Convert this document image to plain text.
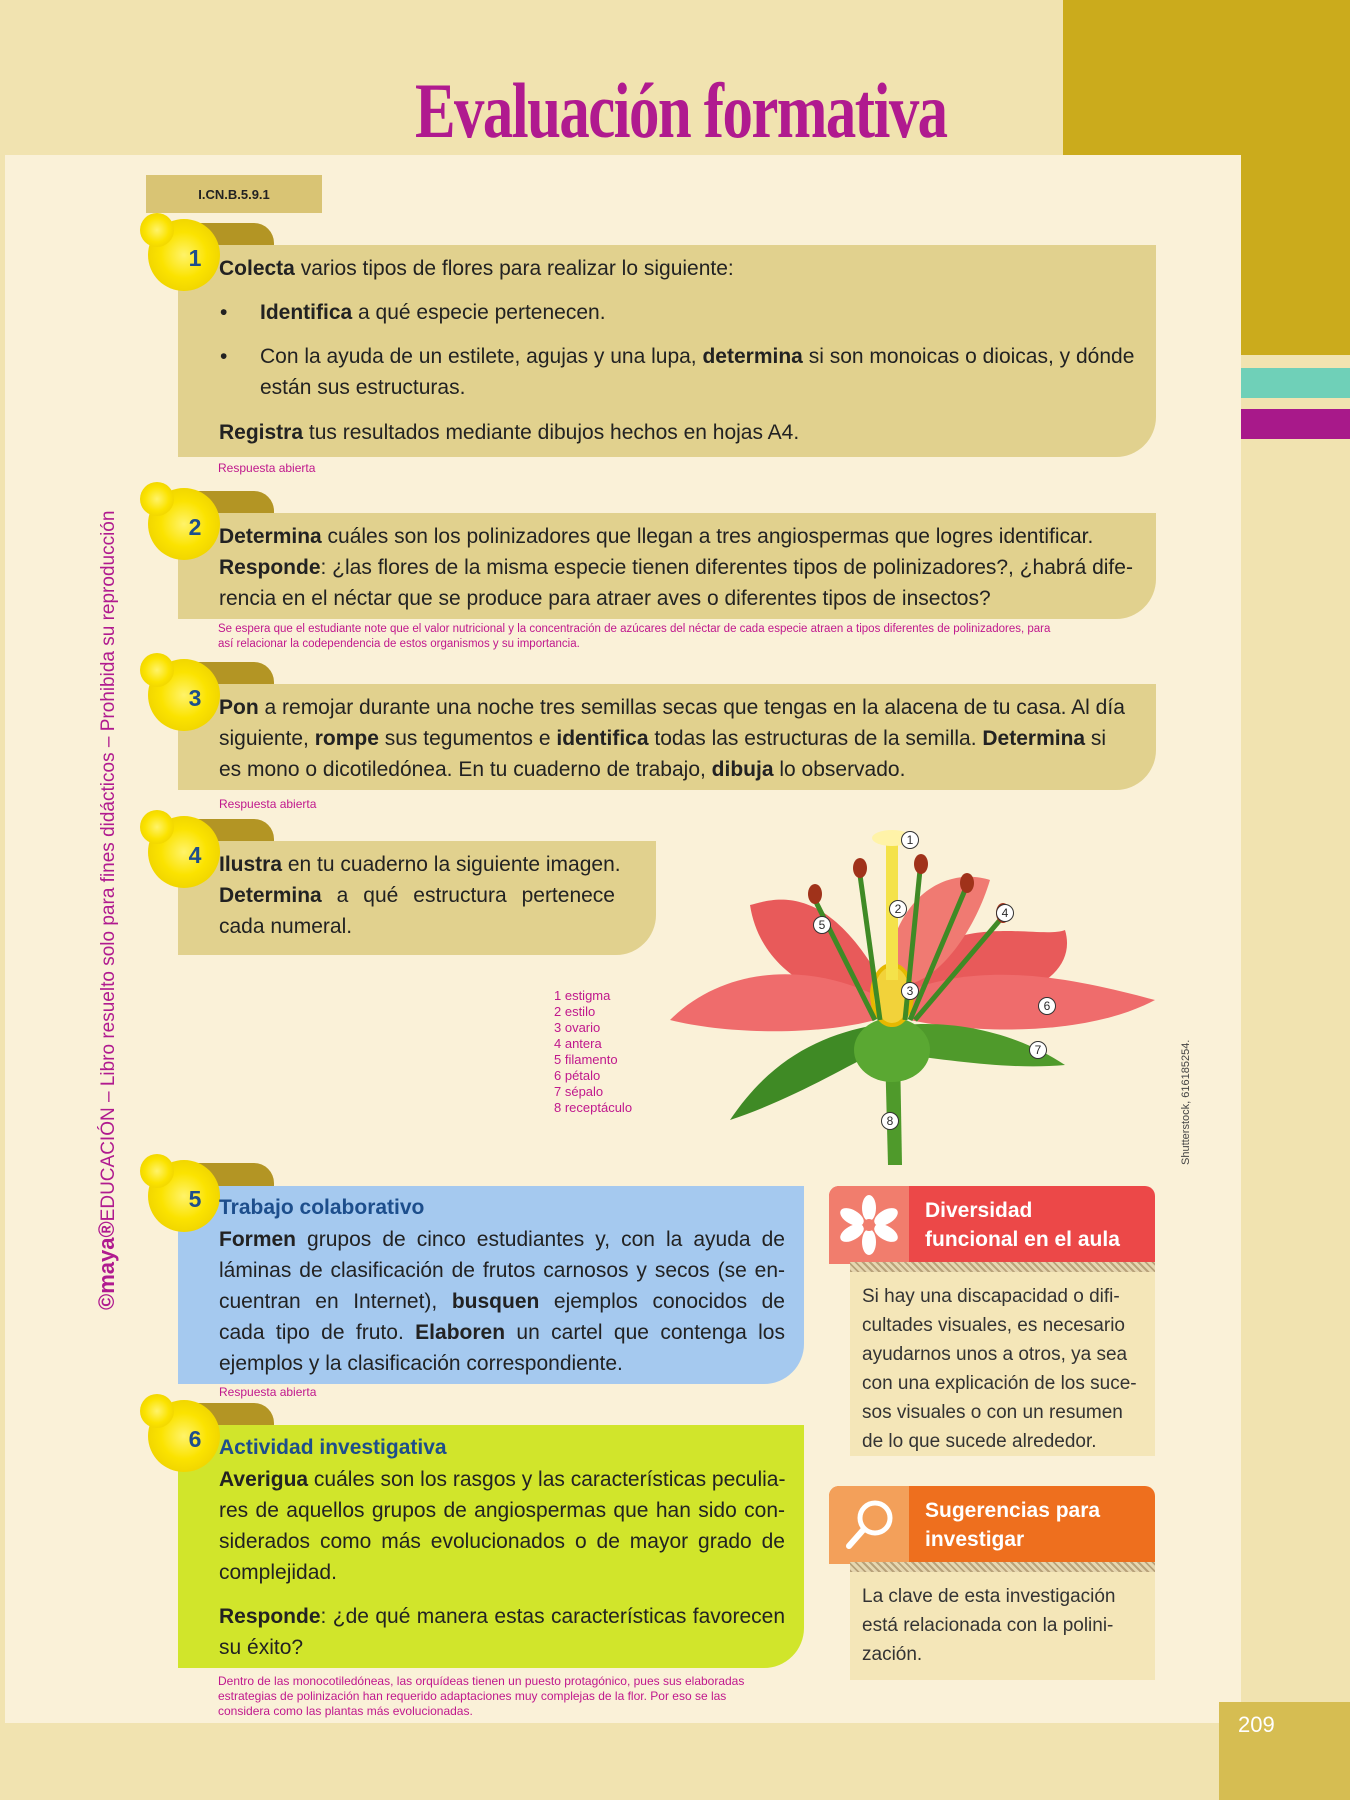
209
Evaluación formativa
I.CN.B.5.9.1
©maya®EDUCACIÓN – Libro resuelto solo para fines didácticos – Prohibida su reproducción
1 Colecta varios tipos de flores para realizar lo siguiente:
Identifica a qué especie pertenecen.
•
Con la ayuda de un estilete, agujas y una lupa, determina si son monoicas o dioicas, y dónde
•
están sus estructuras.
Registra tus resultados mediante dibujos hechos en hojas A4.
Respuesta abierta
2 Determina cuáles son los polinizadores que llegan a tres angiospermas que logres identificar.
Responde: ¿las flores de la misma especie tienen diferentes tipos de polinizadores?, ¿habrá dife-
rencia en el néctar que se produce para atraer aves o diferentes tipos de insectos?
Se espera que el estudiante note que el valor nutricional y la concentración de azúcares del néctar de cada especie atraen a tipos diferentes de polinizadores, para
así relacionar la codependencia de estos organismos y su importancia.
3 Pon a remojar durante una noche tres semillas secas que tengas en la alacena de tu casa. Al día
siguiente, rompe sus tegumentos e identifica todas las estructuras de la semilla. Determina si
es mono o dicotiledónea. En tu cuaderno de trabajo, dibuja lo observado.
Respuesta abierta
4 Ilustra en tu cuaderno la siguiente imagen.
Determina a qué estructura pertenece
cada numeral.
1 estigma
2 estilo
3 ovario
4 antera
5 filamento
6 pétalo
7 sépalo
8 receptáculo
1
2
3
4
5
6
7
8	Shutterstock, 61618525​4.
5 Trabajo colaborativo
Formen grupos de cinco estudiantes y, con la ayuda de
láminas de clasificación de frutos carnosos y secos (se en-
cuentran en Internet), busquen ejemplos conocidos de
cada tipo de fruto. Elaboren un cartel que contenga los
ejemplos y la clasificación correspondiente.
Respuesta abierta
6 Actividad investigativa
Averigua cuáles son los rasgos y las características peculia-
res de aquellos grupos de angiospermas que han sido con-
siderados como más evolucionados o de mayor grado de
complejidad.
Responde: ¿de qué manera estas características favorecen
su éxito?
Dentro de las monocotiledóneas, las orquídeas tienen un puesto protagónico, pues sus elaboradas
estrategias de polinización han requerido adaptaciones muy complejas de la flor. Por eso se las
considera como las plantas más evolucionadas.
Diversidad
funcional en el aula

Si hay una discapacidad o difi-

cultades visuales, es necesario

ayudarnos unos a otros, ya sea

con una explicación de los suce-

sos visuales o con un resumen

de lo que sucede alrededor.

Sugerencias para
investigar

La clave de esta investigación

está relacionada con la polini-

zación.
